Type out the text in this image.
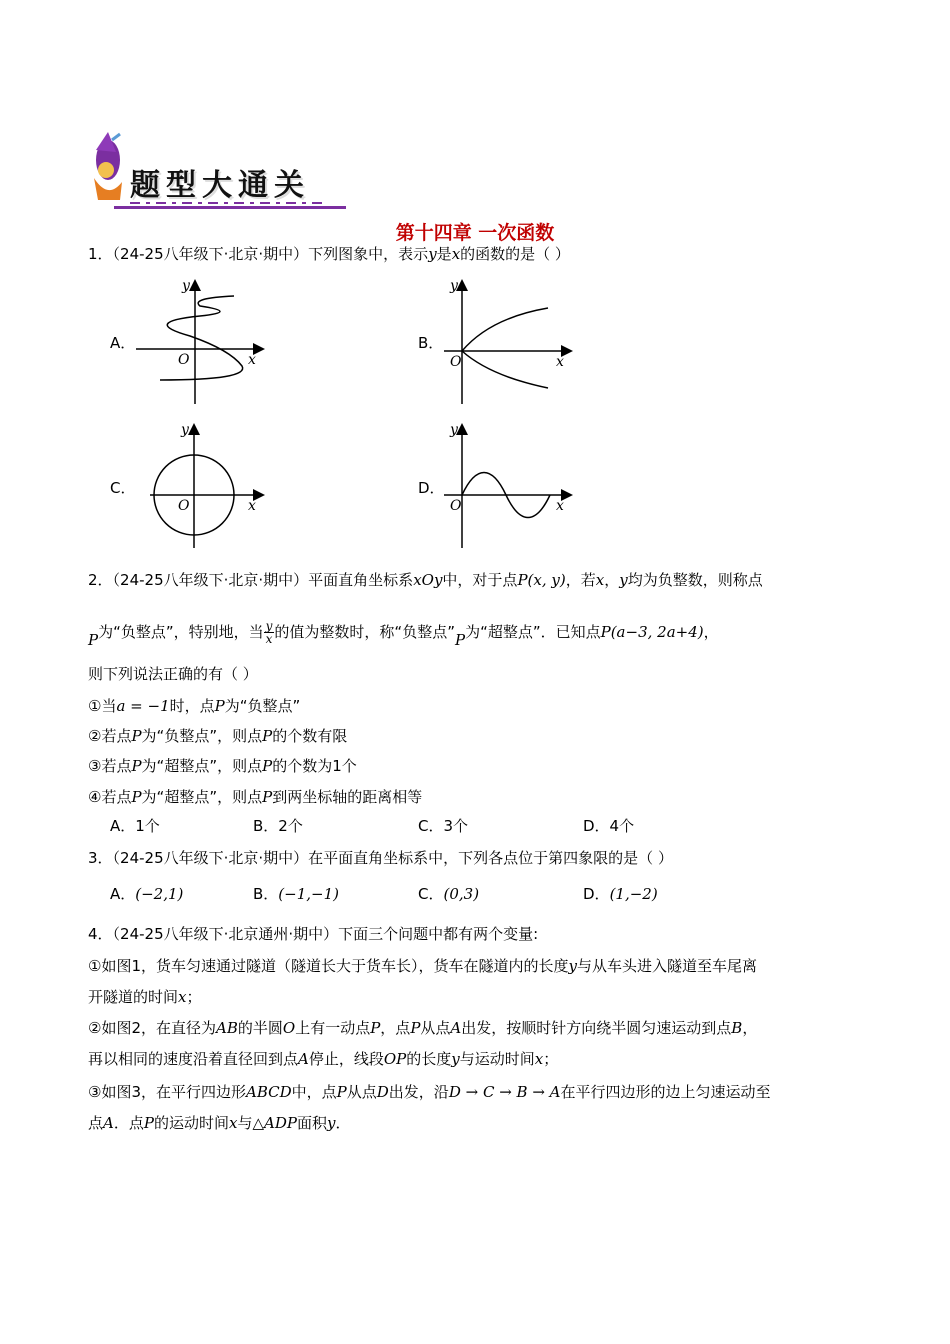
题型大通关
第十四章 一次函数
1．（24-25八年级下·北京·期中）下列图象中，表示y是x的函数的是（ ）
A．	B．
C．	D．
x
y
O	x
y
O
x
y
O	x
y
O
2．（24-25八年级下·北京·期中）平面直角坐标系xOy中，对于点P(x, y)，若x，y均为负整数，则称点
P为“负整点”，特别地，当 $\frac{y}{x}$ 的值为整数时，称“负整点”P为“超整点”．已知点P(a−3, 2a+4)，
则下列说法正确的有（ ）
①当a = −1时，点P为“负整点”
②若点P为“负整点”，则点P的个数有限
③若点P为“超整点”，则点P的个数为1个
④若点P为“超整点”，则点P到两坐标轴的距离相等
A．1个	B．2个	C．3个	D．4个
3．（24-25八年级下·北京·期中）在平面直角坐标系中，下列各点位于第四象限的是（ ）
A．(−2,1)	B．(−1,−1)	C．(0,3)	D．(1,−2)
4．（24-25八年级下·北京通州·期中）下面三个问题中都有两个变量:
①如图1，货车匀速通过隧道（隧道长大于货车长），货车在隧道内的长度y与从车头进入隧道至车尾离
开隧道的时间x；
②如图2，在直径为AB的半圆O上有一动点P，点P从点A出发，按顺时针方向绕半圆匀速运动到点B，
再以相同的速度沿着直径回到点A停止，线段OP的长度y与运动时间x；
③如图3，在平行四边形ABCD中，点P从点D出发，沿D → C → B → A在平行四边形的边上匀速运动至
点A．点P的运动时间x与△ADP面积y．
